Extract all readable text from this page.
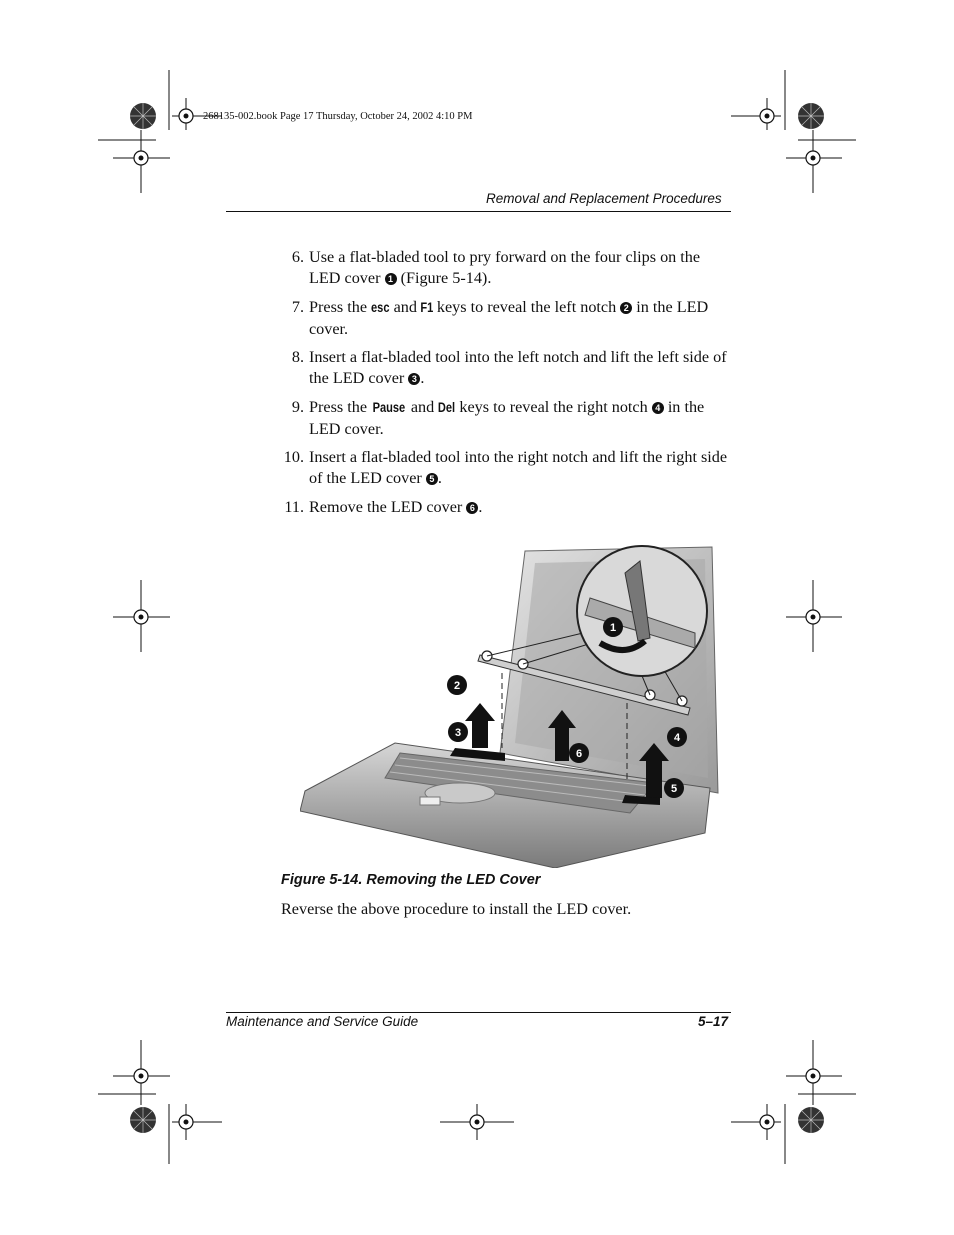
268135-002.book Page 17 Thursday, October 24, 2002 4:10 PM
Removal and Replacement Procedures
6. Use a flat-bladed tool to pry forward on the four clips on the LED cover 1 (Figure 5-14).
7. Press the esc and F1 keys to reveal the left notch 2 in the LED cover.
8. Insert a flat-bladed tool into the left notch and lift the left side of the LED cover 3 .
9. Press the Pause and Del keys to reveal the right notch 4 in the LED cover.
10. Insert a flat-bladed tool into the right notch and lift the right side of the LED cover 5 .
11. Remove the LED cover 6 .
1
2
3	4
5
6
Figure 5-14. Removing the LED Cover
Reverse the above procedure to install the LED cover.
Maintenance and Service Guide	5–17
